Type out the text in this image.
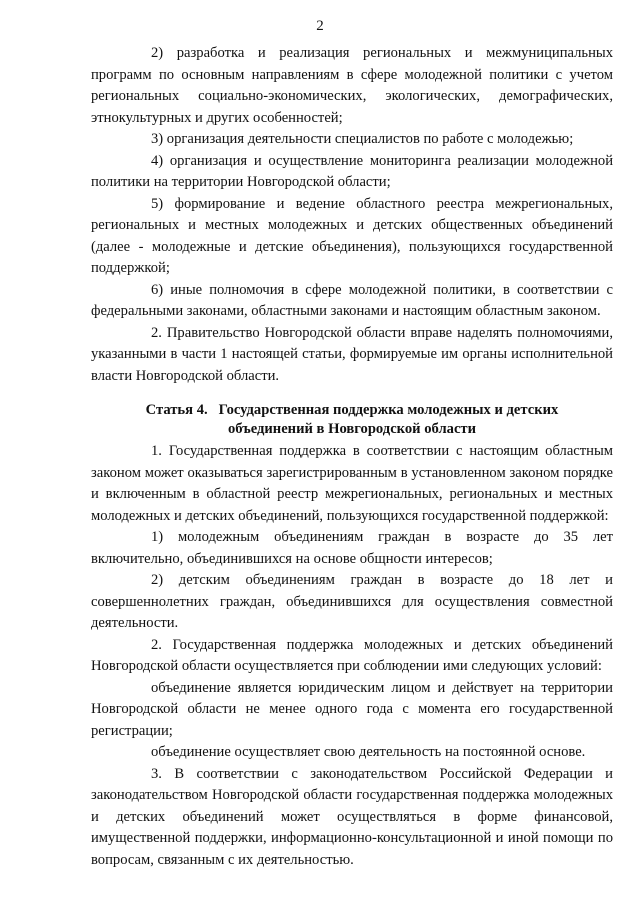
2

2) разработка и реализация региональных и межмуниципальных программ по основным направлениям в сфере молодежной политики с учетом региональных социально-экономических, экологических, демографических, этнокультурных и других особенностей;

3) организация деятельности специалистов по работе с молодежью;

4) организация и осуществление мониторинга реализации молодежной политики на территории Новгородской области;

5) формирование и ведение областного реестра межрегиональных, региональных и местных молодежных и детских общественных объединений (далее - молодежные и детские объединения), пользующихся государственной поддержкой;

6) иные полномочия в сфере молодежной политики, в соответствии с федеральными законами, областными законами и настоящим областным законом.

2. Правительство Новгородской области вправе наделять полномочиями, указанными в части 1 настоящей статьи, формируемые им органы исполнительной власти Новгородской области.

Статья 4.   Государственная поддержка молодежных и детских
объединений в Новгородской области

1. Государственная поддержка в соответствии с настоящим областным законом может оказываться зарегистрированным в установленном законом порядке и включенным в областной реестр межрегиональных, региональных и местных молодежных и детских объединений, пользующихся государственной поддержкой:

1) молодежным объединениям граждан в возрасте до 35 лет включительно, объединившихся на основе общности интересов;

2) детским объединениям граждан в возрасте до 18 лет и совершеннолетних граждан, объединившихся для осуществления совместной деятельности.

2. Государственная поддержка молодежных и детских объединений Новгородской области осуществляется при соблюдении ими следующих условий:

объединение является юридическим лицом и действует на территории Новгородской области не менее одного года с момента его государственной регистрации;

объединение осуществляет свою деятельность на постоянной основе.

3. В соответствии с законодательством Российской Федерации и законодательством Новгородской области государственная поддержка молодежных и детских объединений может осуществляться в форме финансовой, имущественной поддержки, информационно-консультационной и иной помощи по вопросам, связанным с их деятельностью.
